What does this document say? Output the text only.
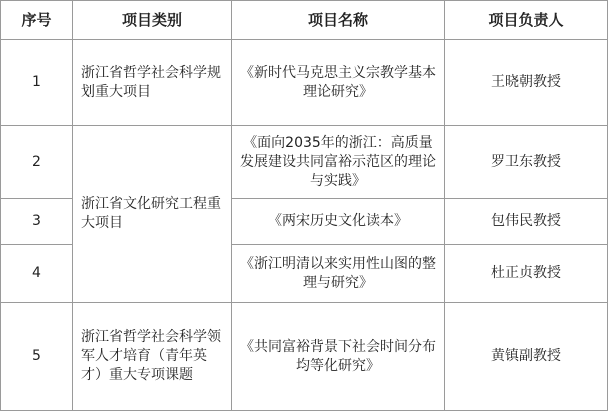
序号	项目类别	项目名称	项目负责人
1	浙江省哲学社会科学规划重大项目	《新时代马克思主义宗教学基本理论研究》	王晓朝教授
2	浙江省文化研究工程重大项目	《面向2035年的浙江：高质量发展建设共同富裕示范区的理论与实践》	罗卫东教授
3		《两宋历史文化读本》	包伟民教授
4		《浙江明清以来实用性山图的整理与研究》	杜正贞教授
5	浙江省哲学社会科学领军人才培育（青年英才）重大专项课题	《共同富裕背景下社会时间分布均等化研究》	黄镇副教授
